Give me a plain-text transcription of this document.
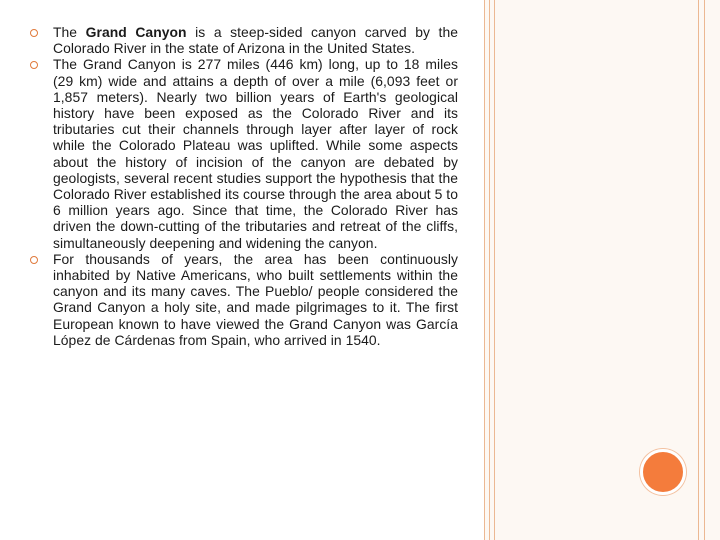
The Grand Canyon is a steep-sided canyon carved by the Colorado River in the state of Arizona in the United States.

The Grand Canyon is 277 miles (446 km) long, up to 18 miles (29 km) wide and attains a depth of over a mile (6,093 feet or 1,857 meters). Nearly two billion years of Earth's geological history have been exposed as the Colorado River and its tributaries cut their channels through layer after layer of rock while the Colorado Plateau was uplifted. While some aspects about the history of incision of the canyon are debated by geologists, several recent studies support the hypothesis that the Colorado River established its course through the area about 5 to 6 million years ago. Since that time, the Colorado River has driven the down-cutting of the tributaries and retreat of the cliffs, simultaneously deepening and widening the canyon.

For thousands of years, the area has been continuously inhabited by Native Americans, who built settlements within the canyon and its many caves. The Pueblo/ people considered the Grand Canyon a holy site, and made pilgrimages to it. The first European known to have viewed the Grand Canyon was García López de Cárdenas from Spain, who arrived in 1540.
